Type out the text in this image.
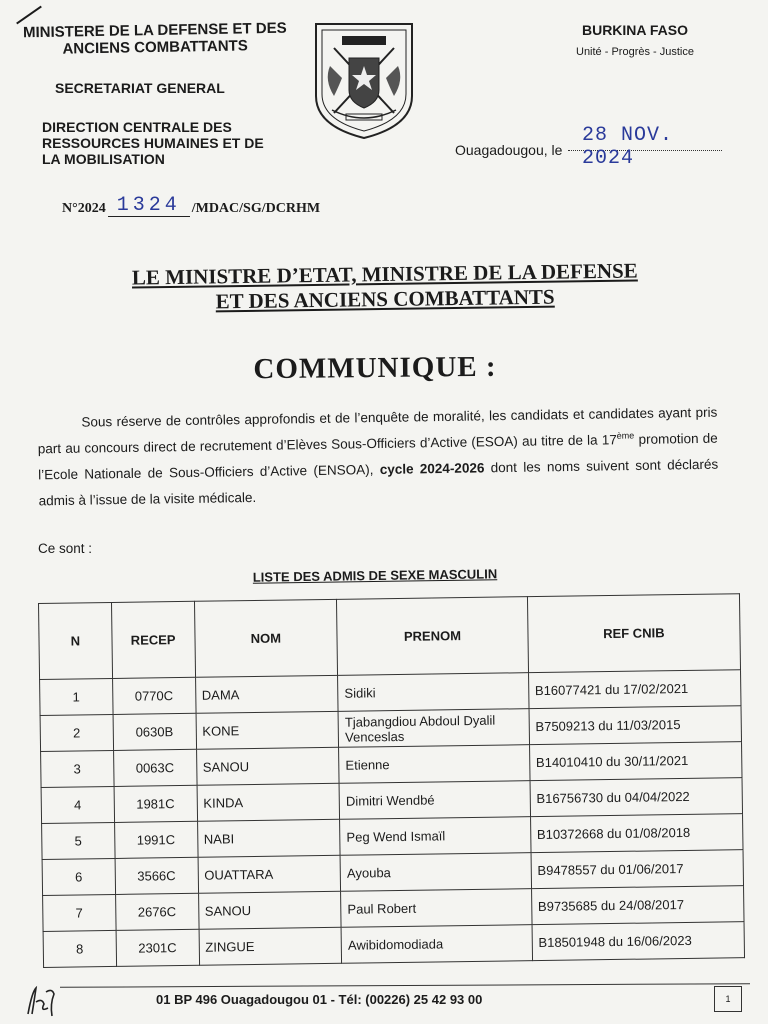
MINISTERE DE LA DEFENSE ET DES ANCIENS COMBATTANTS
SECRETARIAT GENERAL
DIRECTION CENTRALE DES RESSOURCES HUMAINES ET DE LA MOBILISATION
N°2024 1324 /MDAC/SG/DCRHM
BURKINA FASO
Unité - Progrès - Justice
Ouagadougou, le
28 NOV. 2024
LE MINISTRE D’ETAT, MINISTRE DE LA DEFENSE
ET DES ANCIENS COMBATTANTS
COMMUNIQUE :
Sous réserve de contrôles approfondis et de l’enquête de moralité, les candidats et candidates ayant pris part au concours direct de recrutement d’Elèves Sous-Officiers d’Active (ESOA) au titre de la 17ème promotion de l’Ecole Nationale de Sous-Officiers d’Active (ENSOA), cycle 2024-2026 dont les noms suivent sont déclarés admis à l’issue de la visite médicale.
Ce sont :
LISTE DES ADMIS DE SEXE MASCULIN
N	RECEP	NOM	PRENOM	REF CNIB
1	0770C	DAMA	Sidiki	B16077421 du 17/02/2021
2	0630B	KONE	Tjabangdiou Abdoul Dyalil Venceslas	B7509213 du 11/03/2015
3	0063C	SANOU	Etienne	B14010410 du 30/11/2021
4	1981C	KINDA	Dimitri Wendbé	B16756730 du 04/04/2022
5	1991C	NABI	Peg Wend Ismaïl	B10372668 du 01/08/2018
6	3566C	OUATTARA	Ayouba	B9478557 du 01/06/2017
7	2676C	SANOU	Paul Robert	B9735685 du 24/08/2017
8	2301C	ZINGUE	Awibidomodiada	B18501948 du 16/06/2023
01 BP 496 Ouagadougou 01 - Tél: (00226) 25 42 93 00	1
